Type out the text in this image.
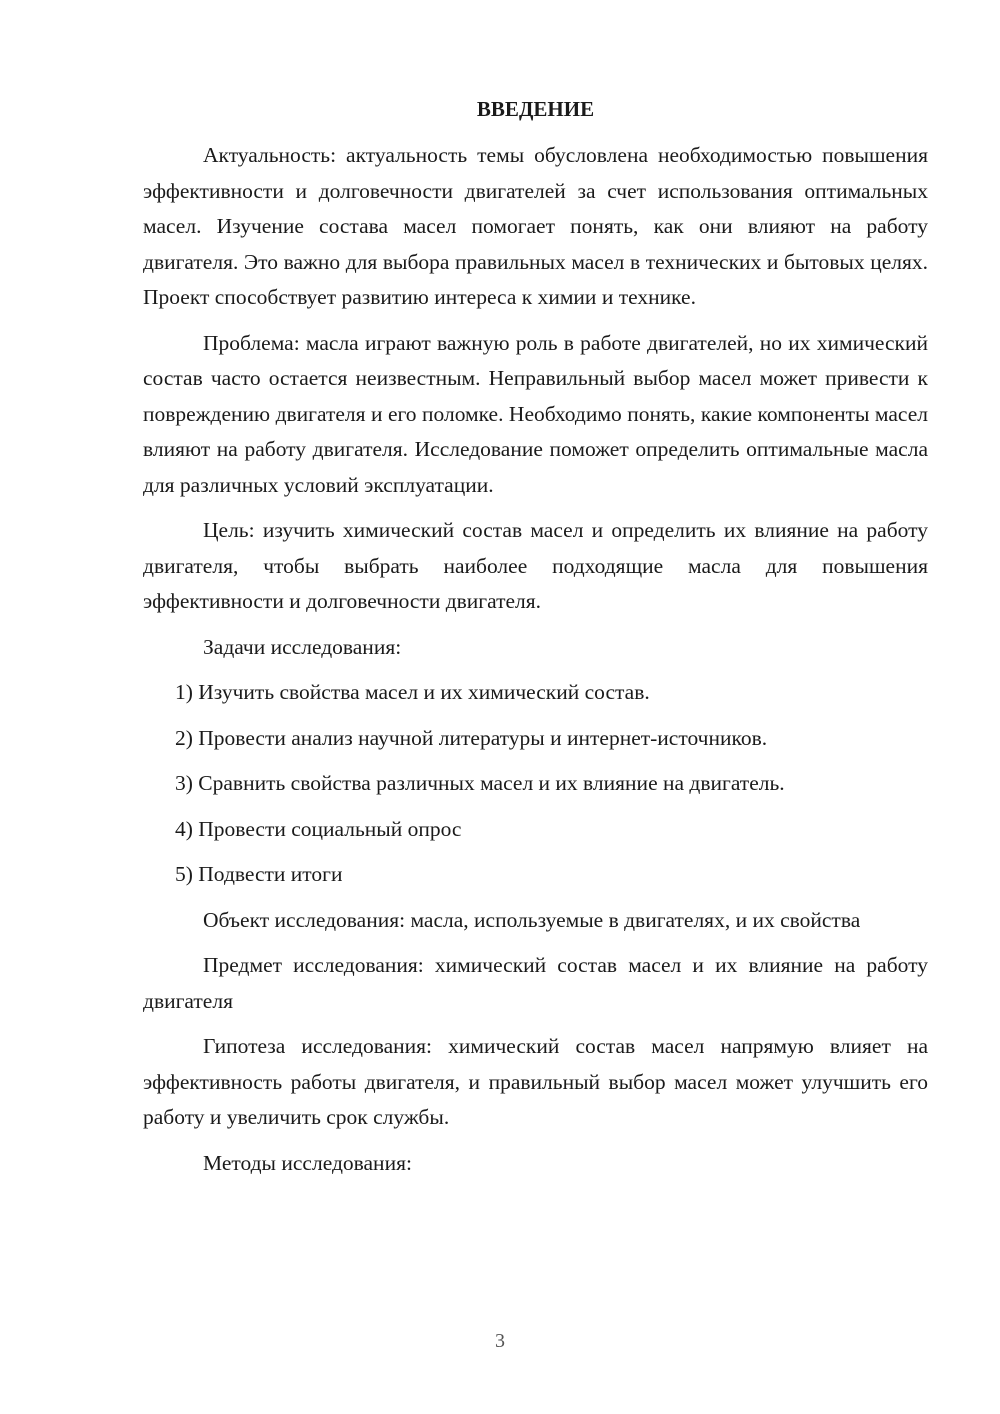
ВВЕДЕНИЕ

Актуальность: актуальность темы обусловлена необходимостью повышения эффективности и долговечности двигателей за счет использования оптимальных масел. Изучение состава масел помогает понять, как они влияют на работу двигателя. Это важно для выбора правильных масел в технических и бытовых целях. Проект способствует развитию интереса к химии и технике.

Проблема: масла играют важную роль в работе двигателей, но их химический состав часто остается неизвестным. Неправильный выбор масел может привести к повреждению двигателя и его поломке. Необходимо понять, какие компоненты масел влияют на работу двигателя. Исследование поможет определить оптимальные масла для различных условий эксплуатации.

Цель: изучить химический состав масел и определить их влияние на работу двигателя, чтобы выбрать наиболее подходящие масла для повышения эффективности и долговечности двигателя.

Задачи исследования:

1) Изучить свойства масел и их химический состав.

2) Провести анализ научной литературы и интернет-источников.

3) Сравнить свойства различных масел и их влияние на двигатель.

4) Провести социальный опрос

5) Подвести итоги

Объект исследования: масла, используемые в двигателях, и их свойства

Предмет исследования: химический состав масел и их влияние на работу двигателя

Гипотеза исследования: химический состав масел напрямую влияет на эффективность работы двигателя, и правильный выбор масел может улучшить его работу и увеличить срок службы.

Методы исследования:

3
